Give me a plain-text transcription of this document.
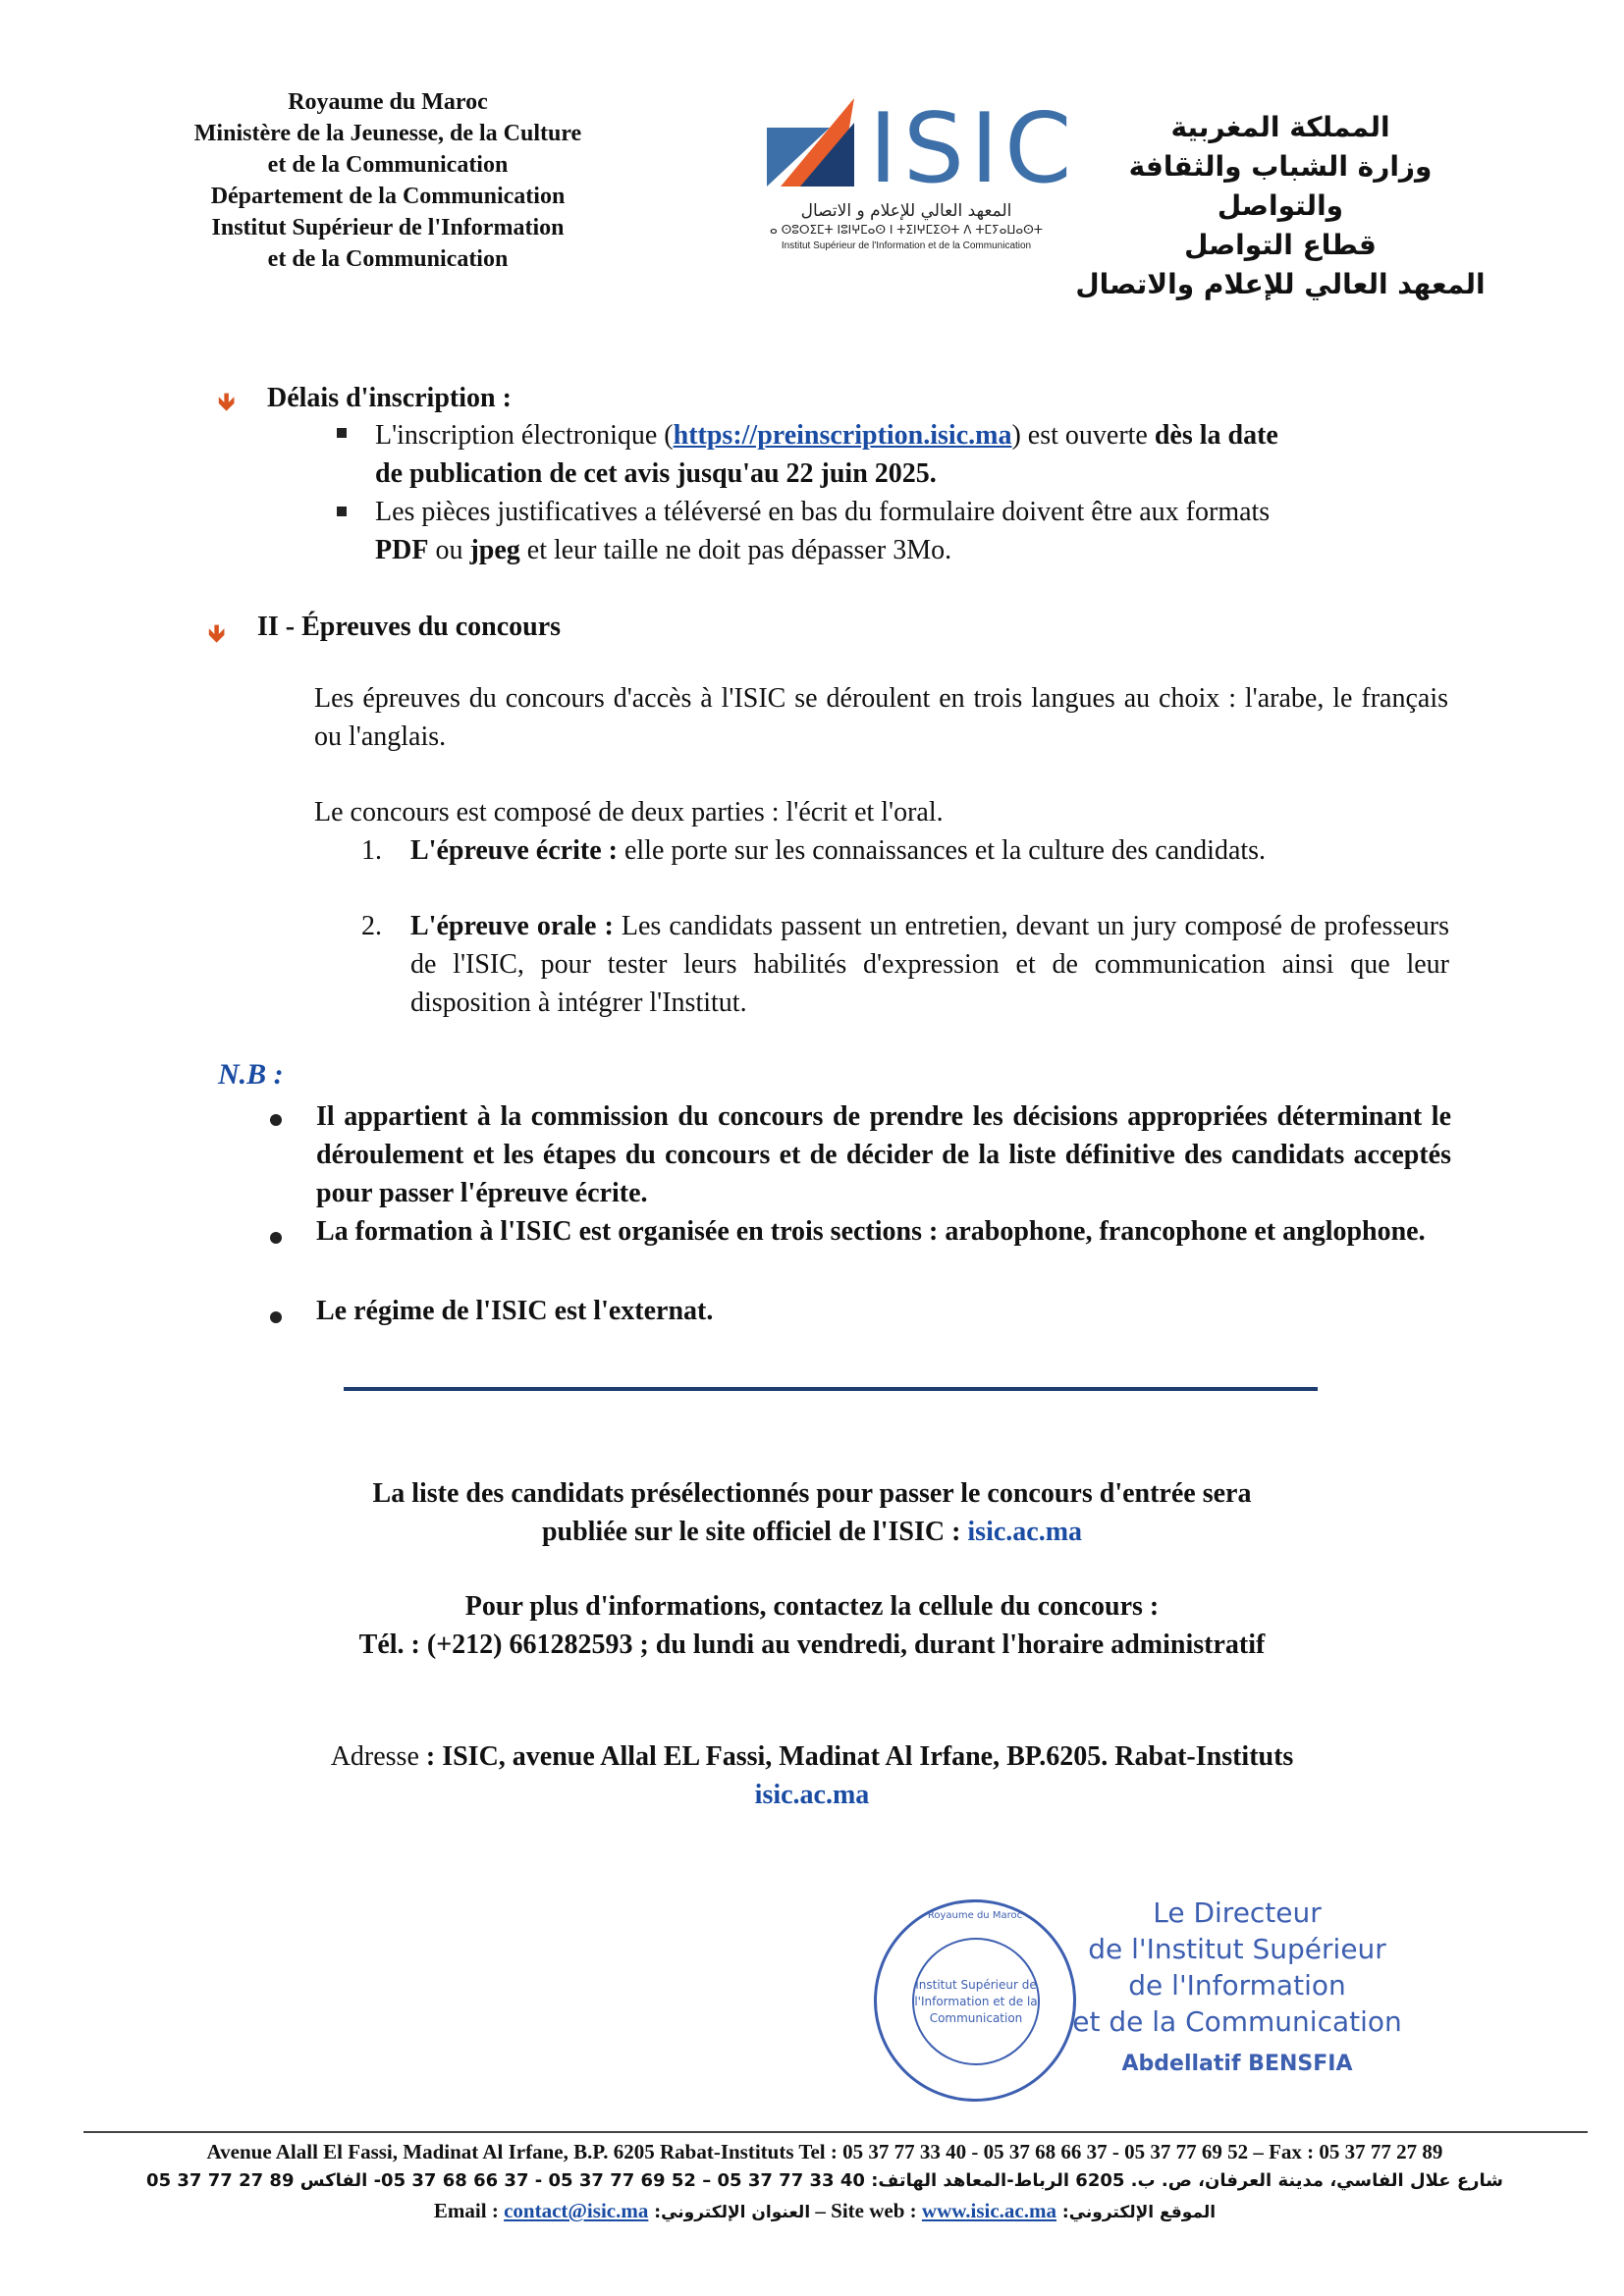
Royaume du Maroc
Ministère de la Jeunesse, de la Culture
et de la Communication
Département de la Communication
Institut Supérieur de l'Information
et de la Communication
ISIC
المعهد العالي للإعلام و الاتصال
ⴰ ⵙⵓⵔⵉⵎⵜ ⵏⵓⵏⵖⵎⴰⵙ ⵏ ⵜⵉⵏⵖⵎⵉⵙⵜ ⴷ ⵜⵎⵢⴰⵡⴰⵙⵜ
Institut Supérieur de l'Information et de la Communication
المملكة المغربية
وزارة الشباب والثقافة والتواصل
قطاع التواصل
المعهد العالي للإعلام والاتصال
🡻 Délais d'inscription :
L'inscription électronique (https://preinscription.isic.ma) est ouverte dès la date
de publication de cet avis jusqu'au 22 juin 2025.
Les pièces justificatives a téléversé en bas du formulaire doivent être aux formats
PDF ou jpeg et leur taille ne doit pas dépasser 3Mo.
🡻 II - Épreuves du concours
Les épreuves du concours d'accès à l'ISIC se déroulent en trois langues au choix : l'arabe, le français ou l'anglais.
Le concours est composé de deux parties : l'écrit et l'oral.
1. L'épreuve écrite : elle porte sur les connaissances et la culture des candidats.
2. L'épreuve orale : Les candidats passent un entretien, devant un jury composé de professeurs de l'ISIC, pour tester leurs habilités d'expression et de communication ainsi que leur disposition à intégrer l'Institut.
N.B :
Il appartient à la commission du concours de prendre les décisions appropriées déterminant le déroulement et les étapes du concours et de décider de la liste définitive des candidats acceptés pour passer l'épreuve écrite.
La formation à l'ISIC est organisée en trois sections : arabophone, francophone et anglophone.
Le régime de l'ISIC est l'externat.
La liste des candidats présélectionnés pour passer le concours d'entrée sera
publiée sur le site officiel de l'ISIC : isic.ac.ma
Pour plus d'informations, contactez la cellule du concours :
Tél. : (+212) 661282593 ; du lundi au vendredi, durant l'horaire administratif
Adresse : ISIC, avenue Allal EL Fassi, Madinat Al Irfane, BP.6205. Rabat-Instituts
isic.ac.ma
Royaume du Maroc
Institut Supérieur de l'Information et de la Communication
Le Directeur
de l'Institut Supérieur
de l'Information
et de la Communication
Abdellatif BENSFIA
Avenue Alall El Fassi, Madinat Al Irfane, B.P. 6205 Rabat-Instituts Tel : 05 37 77 33 40 - 05 37 68 66 37 - 05 37 77 69 52 – Fax : 05 37 77 27 89
شارع علال الفاسي، مدينة العرفان، ص. ب. 6205 الرباط-المعاهد الهاتف: 40 33 77 37 05 – 52 69 77 37 05 - 37 66 68 37 05- الفاكس 89 27 77 37 05
Email : contact@isic.ma :العنوان الإلكتروني – Site web : www.isic.ac.ma :الموقع الإلكتروني
